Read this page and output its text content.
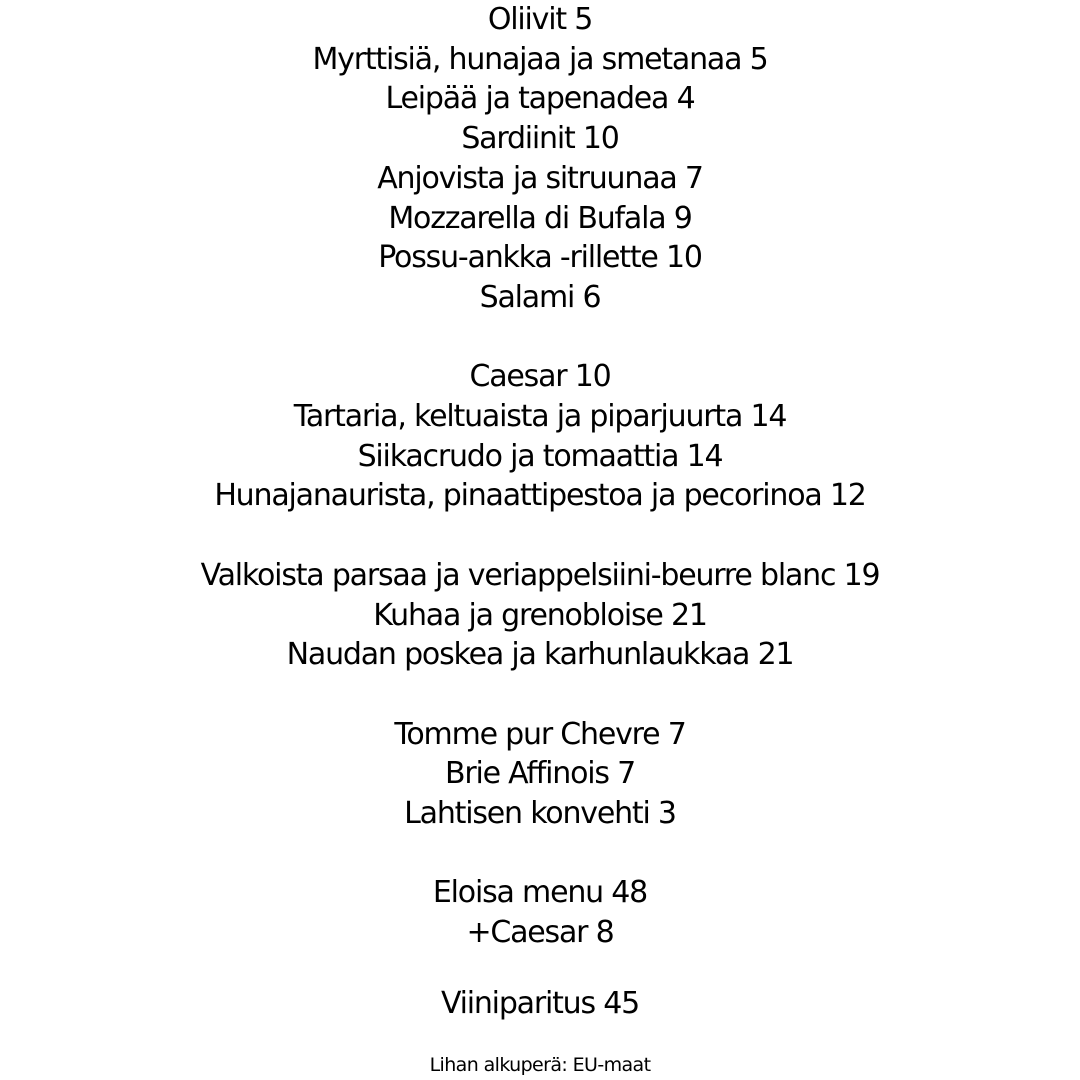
Oliivit 5
Myrttisiä, hunajaa ja smetanaa 5
Leipää ja tapenadea 4
Sardiinit 10
Anjovista ja sitruunaa 7
Mozzarella di Bufala 9
Possu-ankka -rillette 10
Salami 6
Caesar 10
Tartaria, keltuaista ja piparjuurta 14
Siikacrudo ja tomaattia 14
Hunajanaurista, pinaattipestoa ja pecorinoa 12
Valkoista parsaa ja veriappelsiini-beurre blanc 19
Kuhaa ja grenobloise 21
Naudan poskea ja karhunlaukkaa 21
Tomme pur Chevre 7
Brie Affinois 7
Lahtisen konvehti 3
Eloisa menu 48
+Caesar 8
Viiniparitus 45
Lihan alkuperä: EU-maat
